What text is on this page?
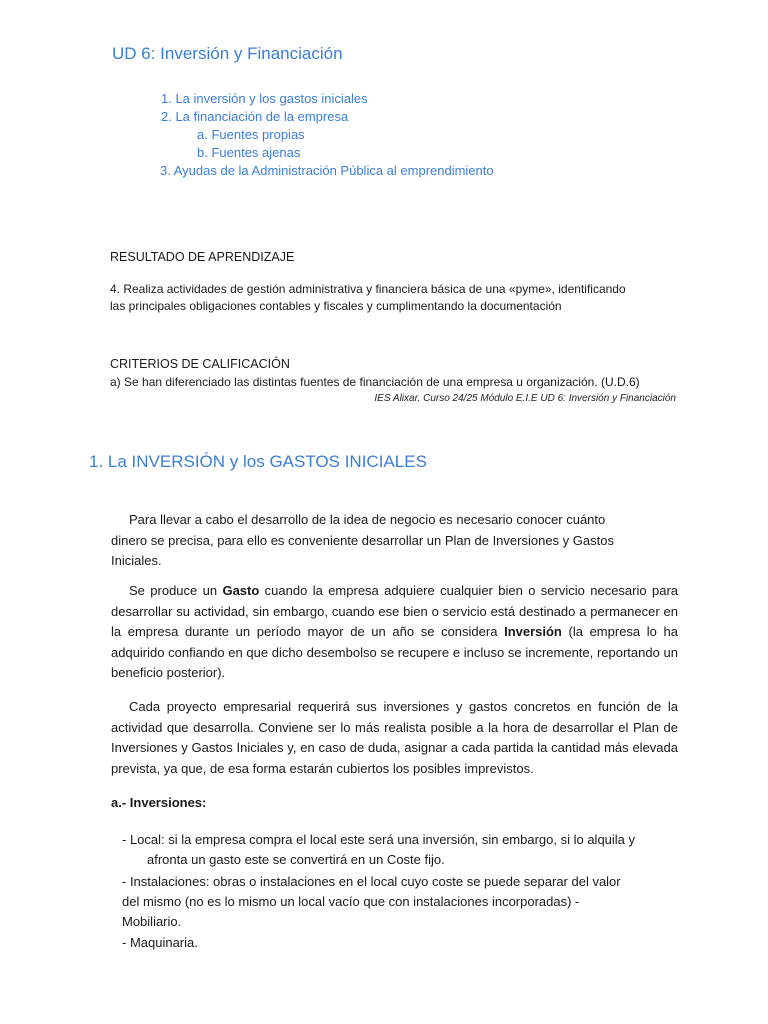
UD 6: Inversión y Financiación
1. La inversión y los gastos iniciales
2. La financiación de la empresa
a. Fuentes propias
b. Fuentes ajenas
3. Ayudas de la Administración Pública al emprendimiento
RESULTADO DE APRENDIZAJE
4. Realiza actividades de gestión administrativa y financiera básica de una «pyme», identificando
las principales obligaciones contables y fiscales y cumplimentando la documentación
CRITERIOS DE CALIFICACIÓN
a) Se han diferenciado las distintas fuentes de financiación de una empresa u organización. (U.D.6)
IES Alixar. Curso 24/25 Módulo E.I.E UD 6: Inversión y Financiación
1. La INVERSIÓN y los GASTOS INICIALES
Para llevar a cabo el desarrollo de la idea de negocio es necesario conocer cuánto
dinero se precisa, para ello es conveniente desarrollar un Plan de Inversiones y Gastos
Iniciales.

Se produce un Gasto cuando la empresa adquiere cualquier bien o servicio necesario para desarrollar su actividad, sin embargo, cuando ese bien o servicio está destinado a permanecer en la empresa durante un período mayor de un año se considera Inversión (la empresa lo ha adquirido confiando en que dicho desembolso se recupere e incluso se incremente, reportando un beneficio posterior).

Cada proyecto empresarial requerirá sus inversiones y gastos concretos en función de la actividad que desarrolla. Conviene ser lo más realista posible a la hora de desarrollar el Plan de Inversiones y Gastos Iniciales y, en caso de duda, asignar a cada partida la cantidad más elevada prevista, ya que, de esa forma estarán cubiertos los posibles imprevistos.

a.- Inversiones:
- Local: si la empresa compra el local este será una inversión, sin embargo, si lo alquila y
afronta un gasto este se convertirá en un Coste fijo.
- Instalaciones: obras o instalaciones en el local cuyo coste se puede separar del valor
del mismo (no es lo mismo un local vacío que con instalaciones incorporadas) -
Mobiliario.
- Maquinaria.
